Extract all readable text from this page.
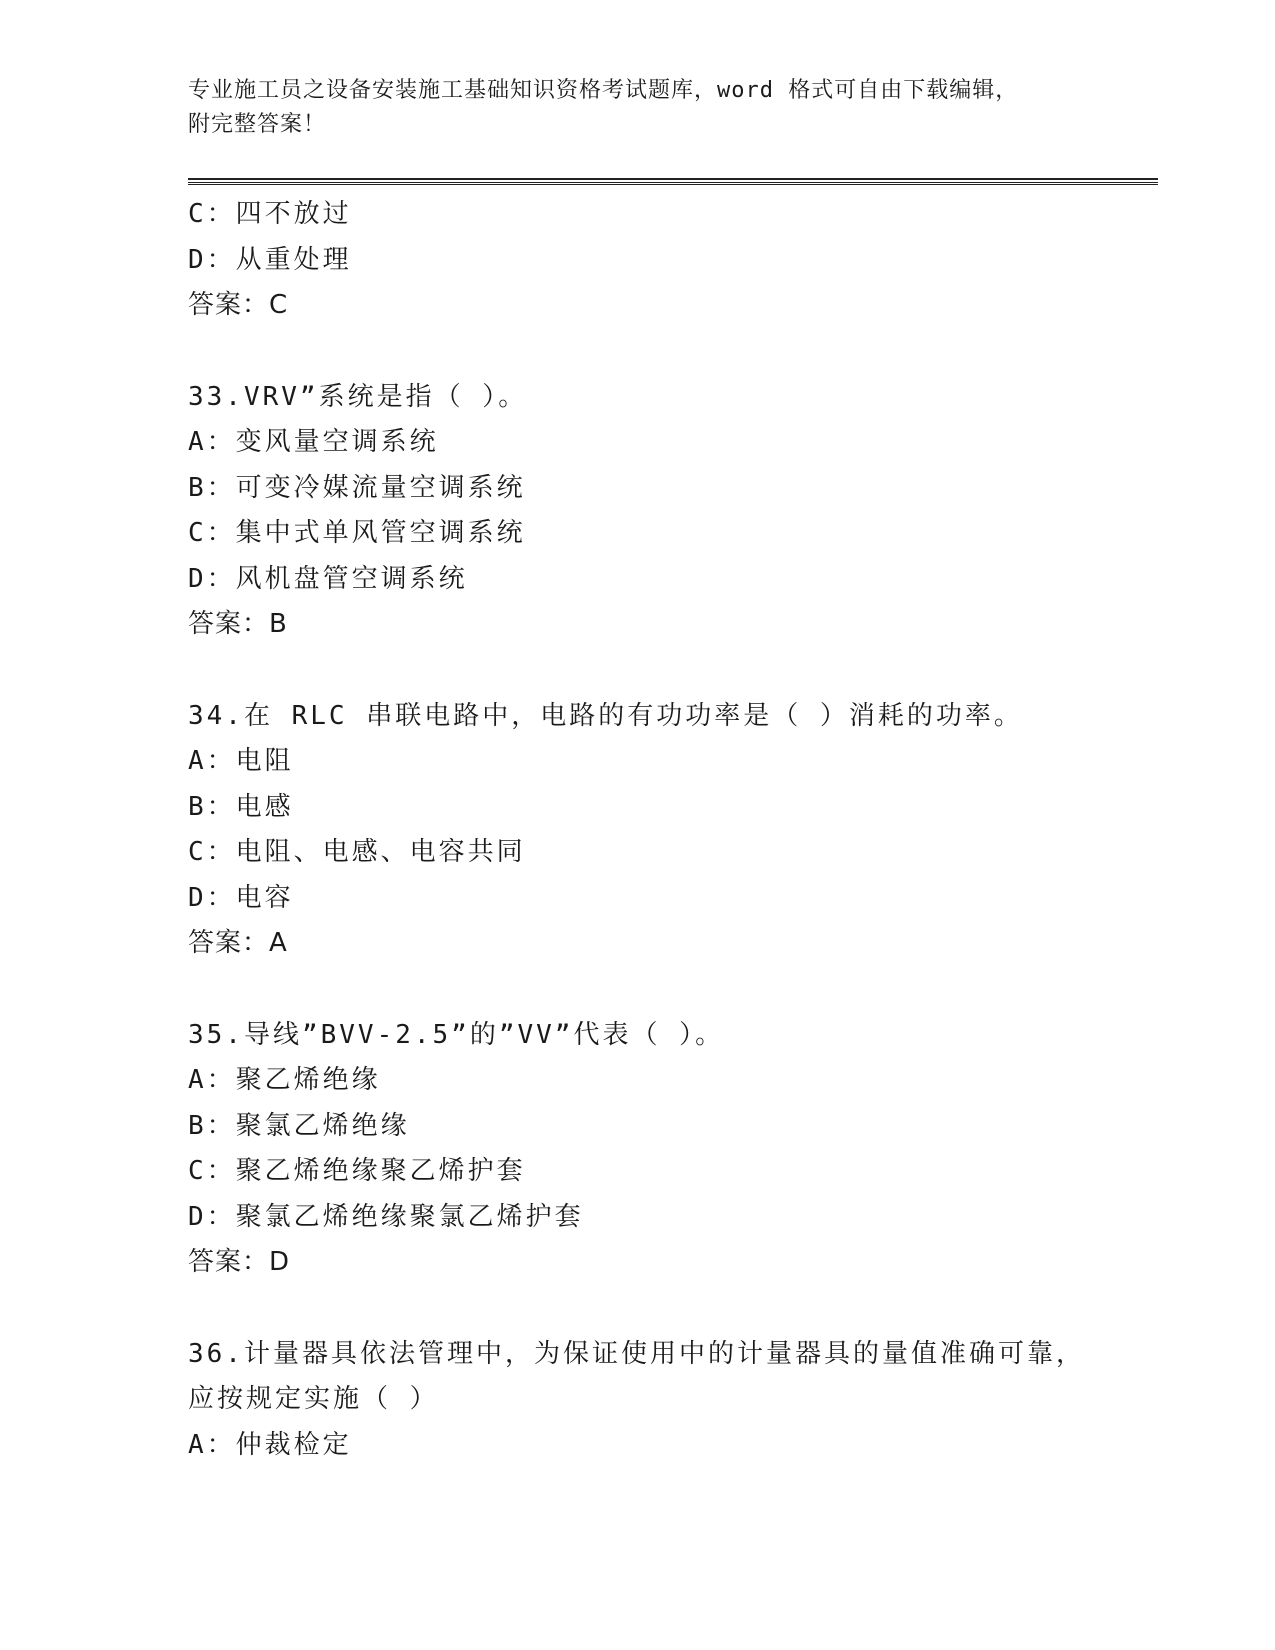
专业施工员之设备安装施工基础知识资格考试题库，word 格式可自由下载编辑，
附完整答案！
C：四不放过
D：从重处理
答案：C
33.VRV”系统是指（ ）。
A：变风量空调系统
B：可变冷媒流量空调系统
C：集中式单风管空调系统
D：风机盘管空调系统
答案：B
34.在 RLC 串联电路中，电路的有功功率是（ ）消耗的功率。
A：电阻
B：电感
C：电阻、电感、电容共同
D：电容
答案：A
35.导线”BVV-2.5”的”VV”代表（ ）。
A：聚乙烯绝缘
B：聚氯乙烯绝缘
C：聚乙烯绝缘聚乙烯护套
D：聚氯乙烯绝缘聚氯乙烯护套
答案：D
36.计量器具依法管理中，为保证使用中的计量器具的量值准确可靠，
应按规定实施（ ）
A：仲裁检定
